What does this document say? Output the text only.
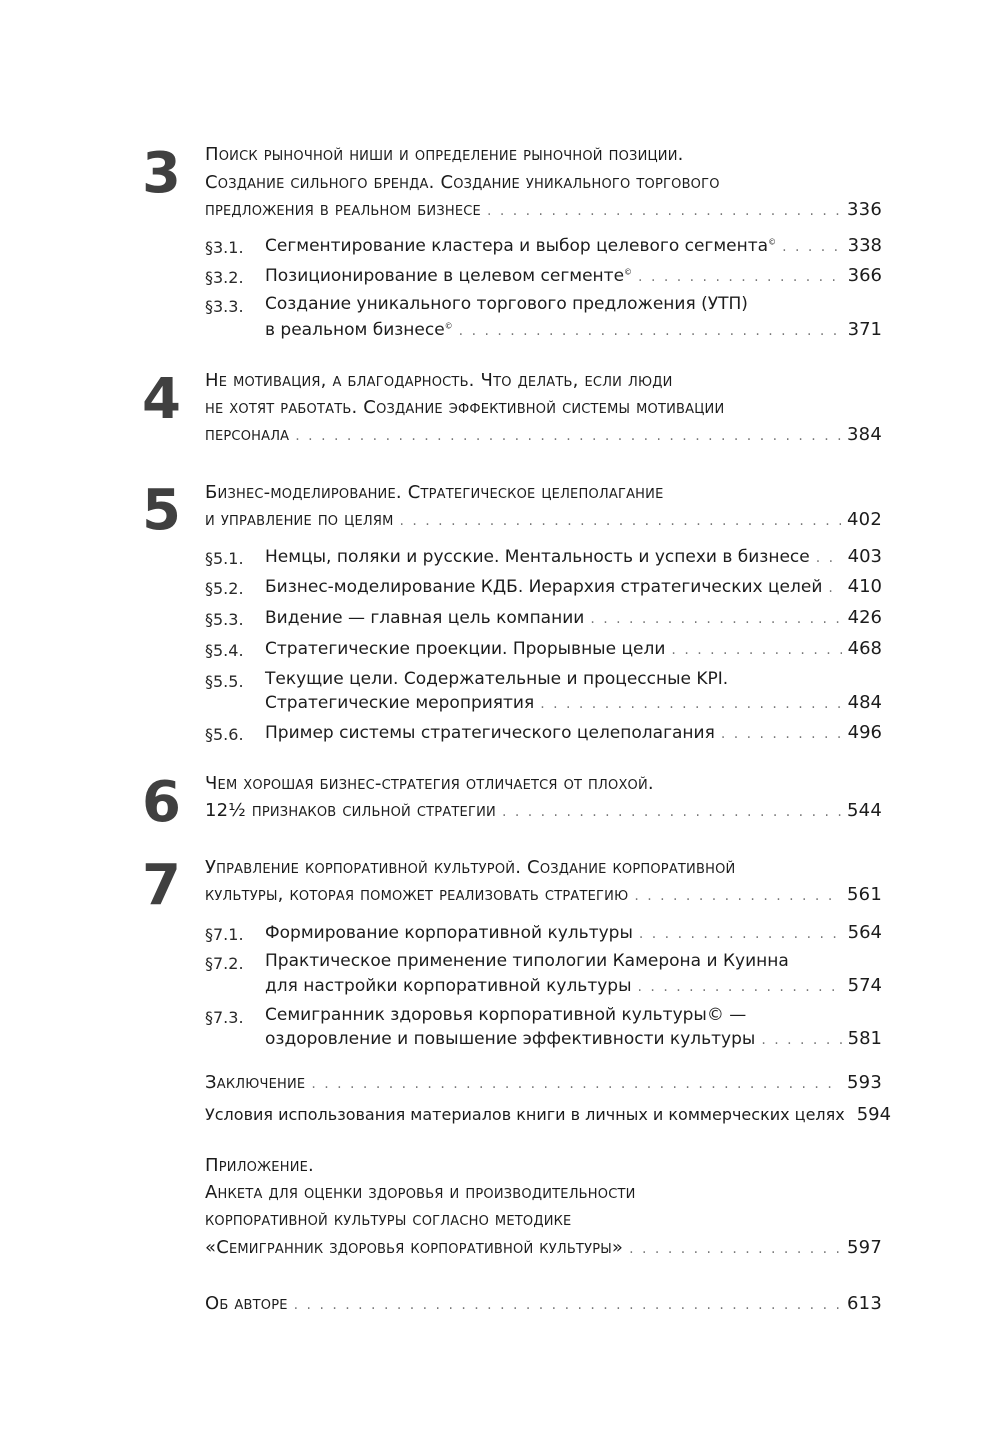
3	Поиск рыночной ниши и определение рыночной позиции.
Создание сильного бренда. Создание уникального торгового
предложения в реальном бизнесе . . .	336
§3.1. Сегментирование кластера и выбор целевого сегмента© . . .	338
§3.2. Позиционирование в целевом сегменте© . . .	366
§3.3. Создание уникального торгового предложения (УТП)
в реальном бизнесе© . . .	371
4	Не мотивация, а благодарность. Что делать, если люди
не хотят работать. Создание эффективной системы мотивации
персонала . . .	384
5	Бизнес-моделирование. Стратегическое целеполагание
и управление по целям . . .	402
§5.1. Немцы, поляки и русские. Ментальность и успехи в бизнесе . . . 403
§5.2. Бизнес-моделирование КДБ. Иерархия стратегических целей . . . 410
§5.3. Видение — главная цель компании . . .	426
§5.4. Стратегические проекции. Прорывные цели . . .	468
§5.5. Текущие цели. Содержательные и процессные KPI.
Стратегические мероприятия . . .	484
§5.6. Пример системы стратегического целеполагания . . .	496
6	Чем хорошая бизнес-стратегия отличается от плохой.
12½ признаков сильной стратегии . . .	544
7	Управление корпоративной культурой. Создание корпоративной
культуры, которая поможет реализовать стратегию . . .	561
§7.1. Формирование корпоративной культуры . . .	564
§7.2. Практическое применение типологии Камерона и Куинна
для настройки корпоративной культуры . . .	574
§7.3. Семигранник здоровья корпоративной культуры© —
оздоровление и повышение эффективности культуры . . .	581
Заключение . . .	593
Условия использования материалов книги в личных и коммерческих целях 594
Приложение.
Анкета для оценки здоровья и производительности
корпоративной культуры согласно методике
«Семигранник здоровья корпоративной культуры» . . .	597
Об авторе . . .	613
